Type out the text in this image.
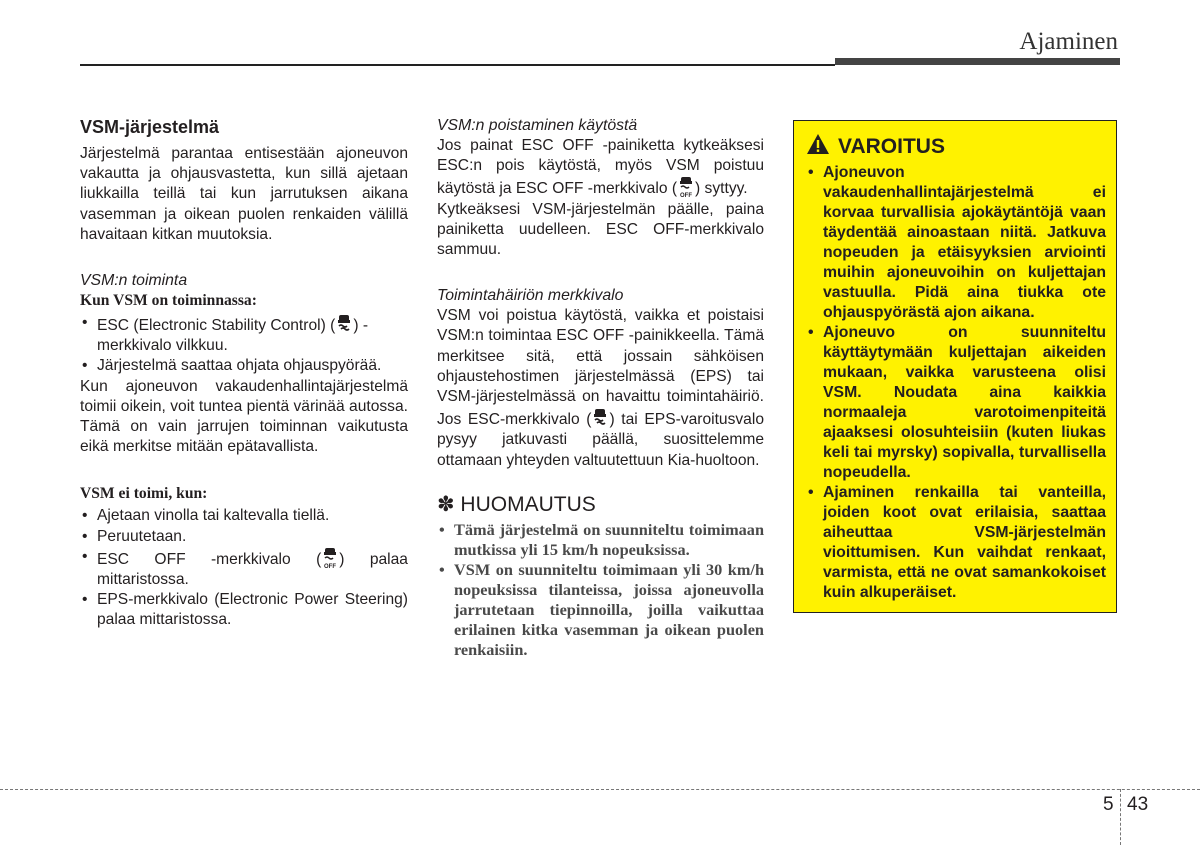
Ajaminen
VSM-järjestelmä

Järjestelmä parantaa entisestään ajoneuvon vakautta ja ohjausvastetta, kun sillä ajetaan liukkailla teillä tai kun jarrutuksen aikana vasemman ja oikean puolen renkaiden välillä havaitaan kitkan muutoksia.

VSM:n toiminta

Kun VSM on toiminnassa:

• ESC (Electronic Stability Control) ( ) -merkkivalo vilkkuu.
• Järjestelmä saattaa ohjata ohjauspyörää.

Kun ajoneuvon vakaudenhallintajärjestelmä toimii oikein, voit tuntea pientä värinää autossa. Tämä on vain jarrujen toiminnan vaikutusta eikä merkitse mitään epätavallista.

VSM ei toimi, kun:

• Ajetaan vinolla tai kaltevalla tiellä.
• Peruutetaan.
• ESC OFF -merkkivalo ( OFF ) palaa mittaristossa.
• EPS-merkkivalo (Electronic Power Steering) palaa mittaristossa.

VSM:n poistaminen käytöstä

Jos painat ESC OFF -painiketta kytkeäksesi ESC:n pois käytöstä, myös VSM poistuu käytöstä ja ESC OFF -merkkivalo ( OFF ) syttyy.

Kytkeäksesi VSM-järjestelmän päälle, paina painiketta uudelleen. ESC OFF-merkkivalo sammuu.

Toimintahäiriön merkkivalo

VSM voi poistua käytöstä, vaikka et poistaisi VSM:n toimintaa ESC OFF -painikkeella. Tämä merkitsee sitä, että jossain sähköisen ohjaustehostimen järjestelmässä (EPS) tai VSM-järjestelmässä on havaittu toimintahäiriö. Jos ESC-merkkivalo ( ) tai EPS-varoitusvalo pysyy jatkuvasti päällä, suosittelemme ottamaan yhteyden valtuutettuun Kia-huoltoon.

✽ HUOMAUTUS

• Tämä järjestelmä on suunniteltu toimimaan mutkissa yli 15 km/h nopeuksissa.
• VSM on suunniteltu toimimaan yli 30 km/h nopeuksissa tilanteissa, joissa ajoneuvolla jarrutetaan tiepinnoilla, joilla vaikuttaa erilainen kitka vasemman ja oikean puolen renkaisiin.
VAROITUS
• Ajoneuvon vakaudenhallintajärjestelmä ei korvaa turvallisia ajokäytäntöjä vaan täydentää ainoastaan niitä. Jatkuva nopeuden ja etäisyyksien arviointi muihin ajoneuvoihin on kuljettajan vastuulla. Pidä aina tiukka ote ohjauspyörästä ajon aikana.
• Ajoneuvo on suunniteltu käyttäytymään kuljettajan aikeiden mukaan, vaikka varusteena olisi VSM. Noudata aina kaikkia normaaleja varotoimenpiteitä ajaaksesi olosuhteisiin (kuten liukas keli tai myrsky) sopivalla, turvallisella nopeudella.
• Ajaminen renkailla tai vanteilla, joiden koot ovat erilaisia, saattaa aiheuttaa VSM-järjestelmän vioittumisen. Kun vaihdat renkaat, varmista, että ne ovat samankokoiset kuin alkuperäiset.
5 43
